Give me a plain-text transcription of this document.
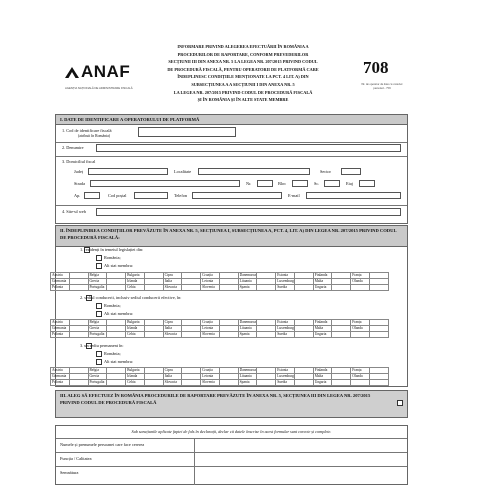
ANAF
AGENȚIA NAȚIONALĂ DE ADMINISTRARE FISCALĂ
INFORMARE PRIVIND ALEGEREA EFECTUĂRII ÎN ROMÂNIA A
PROCEDURILOR DE RAPORTARE, CONFORM PREVEDERILOR
SECȚIUNII III DIN ANEXA NR. 5 LA LEGEA NR. 207/2015 PRIVIND CODUL
DE PROCEDURĂ FISCALĂ, PENTRU OPERATORII DE PLATFORMĂ CARE
ÎNDEPLINESC CONDIȚIILE MENȚIONATE LA PCT. 4 LIT. A) DIN
SUBSECȚIUNEA A A SECȚIUNII I DIN ANEXA NR. 5
LA LEGEA NR. 207/2015 PRIVIND CODUL DE PROCEDURĂ FISCALĂ
ȘI ÎN ROMÂNIA ȘI ÎN ALTE STATE MEMBRE
708
Nr. de operator de date cu caracter personal - 759
I. DATE DE IDENTIFICARE A OPERATORULUI DE PLATFORMĂ
1. Cod de identificare fiscală
(atribuit în România)
2. Denumire
3. Domiciliul fiscal
Județ	Localitate	Sector
Strada	Nr.	Bloc	Sc.	Etaj
Ap.	Cod poștal	Telefon	E-mail
4. Site-ul web
II. ÎNDEPLINIREA CONDIȚIILOR PREVĂZUTE ÎN ANEXA NR. 5, SECȚIUNEA I, SUBSECȚIUNEA A, PCT. 4, LIT. A) DIN LEGEA NR. 207/2015 PRIVIND CODUL DE PROCEDURĂ FISCALĂ:
1. rezidenți în temeiul legislației din:
România;
Alt stat membru:
Austria		Belgia		Bulgaria		Cipru		Croația		Danemarca		Estonia		Finlanda		Franța	
Germania		Grecia		Irlanda		Italia		Letonia		Lituania		Luxemburg		Malta		Olanda	
Polonia		Portugalia		Cehia		Slovacia		Slovenia		Spania		Suedia		Ungaria			
2. sediul conducerii, inclusiv sediul conducerii efective, în:
România;
Alt stat membru:
Austria		Belgia		Bulgaria		Cipru		Croația		Danemarca		Estonia		Finlanda		Franța	
Germania		Grecia		Irlanda		Italia		Letonia		Lituania		Luxemburg		Malta		Olanda	
Polonia		Portugalia		Cehia		Slovacia		Slovenia		Spania		Suedia		Ungaria			
3. un sediu permanent în:
România;
Alt stat membru:
Austria		Belgia		Bulgaria		Cipru		Croația		Danemarca		Estonia		Finlanda		Franța	
Germania		Grecia		Irlanda		Italia		Letonia		Lituania		Luxemburg		Malta		Olanda	
Polonia		Portugalia		Cehia		Slovacia		Slovenia		Spania		Suedia		Ungaria			
III. ALEG SĂ EFECTUEZ ÎN ROMÂNIA PROCEDURILE DE RAPORTARE PREVĂZUTE ÎN ANEXA NR. 5, SECȚIUNEA III DIN LEGEA NR. 207/2015 PRIVIND CODUL DE PROCEDURĂ FISCALĂ
Sub sancțiunile aplicate faptei de fals în declarații, declar că datele înscrise în acest formular sunt corecte și complete.
Numele și prenumele persoanei care face cererea
Funcția / Calitatea
Semnătura
